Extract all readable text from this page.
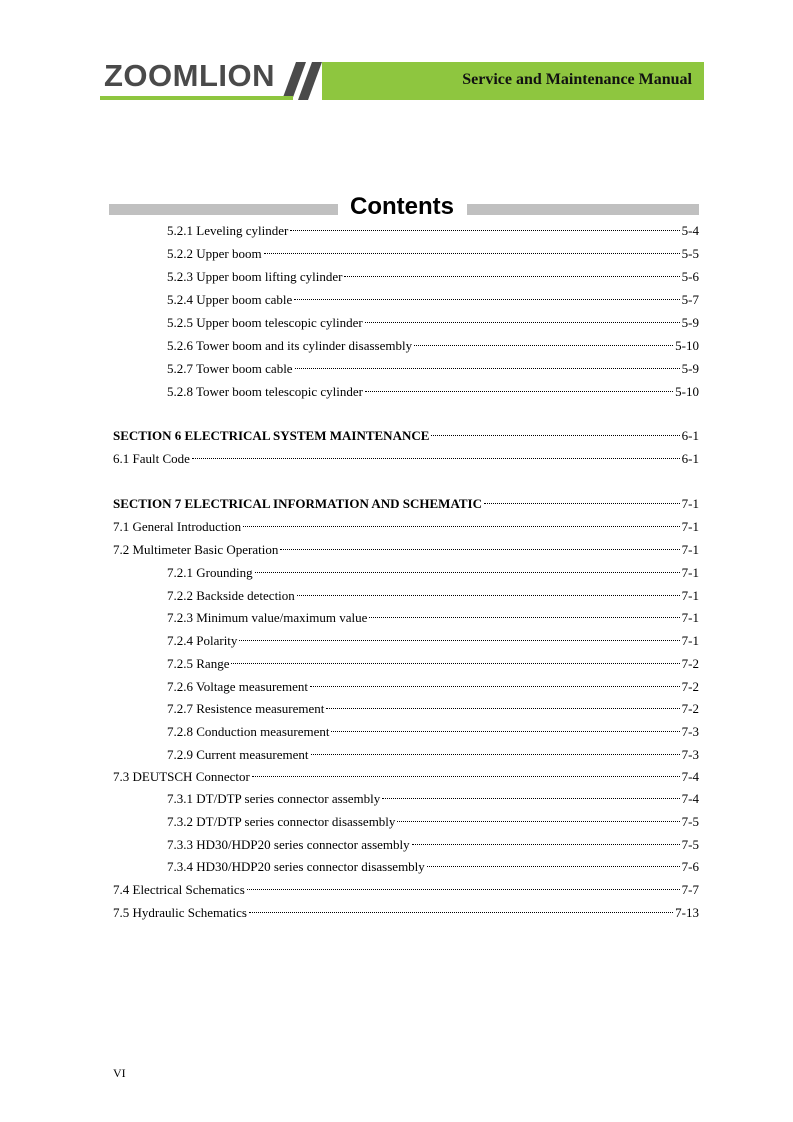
ZOOMLION	Service and Maintenance Manual
Contents
5.2.1 Leveling cylinder	5-4
5.2.2 Upper boom	5-5
5.2.3 Upper boom lifting cylinder	5-6
5.2.4 Upper boom cable	5-7
5.2.5 Upper boom telescopic cylinder	5-9
5.2.6 Tower boom and its cylinder disassembly	5-10
5.2.7 Tower boom cable	5-9
5.2.8 Tower boom telescopic cylinder	5-10
SECTION 6 ELECTRICAL SYSTEM MAINTENANCE	6-1
6.1 Fault Code	6-1
SECTION 7 ELECTRICAL INFORMATION AND SCHEMATIC	7-1
7.1 General Introduction	7-1
7.2 Multimeter Basic Operation	7-1
7.2.1 Grounding	7-1
7.2.2 Backside detection	7-1
7.2.3 Minimum value/maximum value	7-1
7.2.4 Polarity	7-1
7.2.5 Range	7-2
7.2.6 Voltage measurement	7-2
7.2.7 Resistence measurement	7-2
7.2.8 Conduction measurement	7-3
7.2.9 Current measurement	7-3
7.3 DEUTSCH Connector	7-4
7.3.1 DT/DTP series connector assembly	7-4
7.3.2 DT/DTP series connector disassembly	7-5
7.3.3 HD30/HDP20 series connector assembly	7-5
7.3.4 HD30/HDP20 series connector disassembly	7-6
7.4 Electrical Schematics	7-7
7.5 Hydraulic Schematics	7-13
VI
